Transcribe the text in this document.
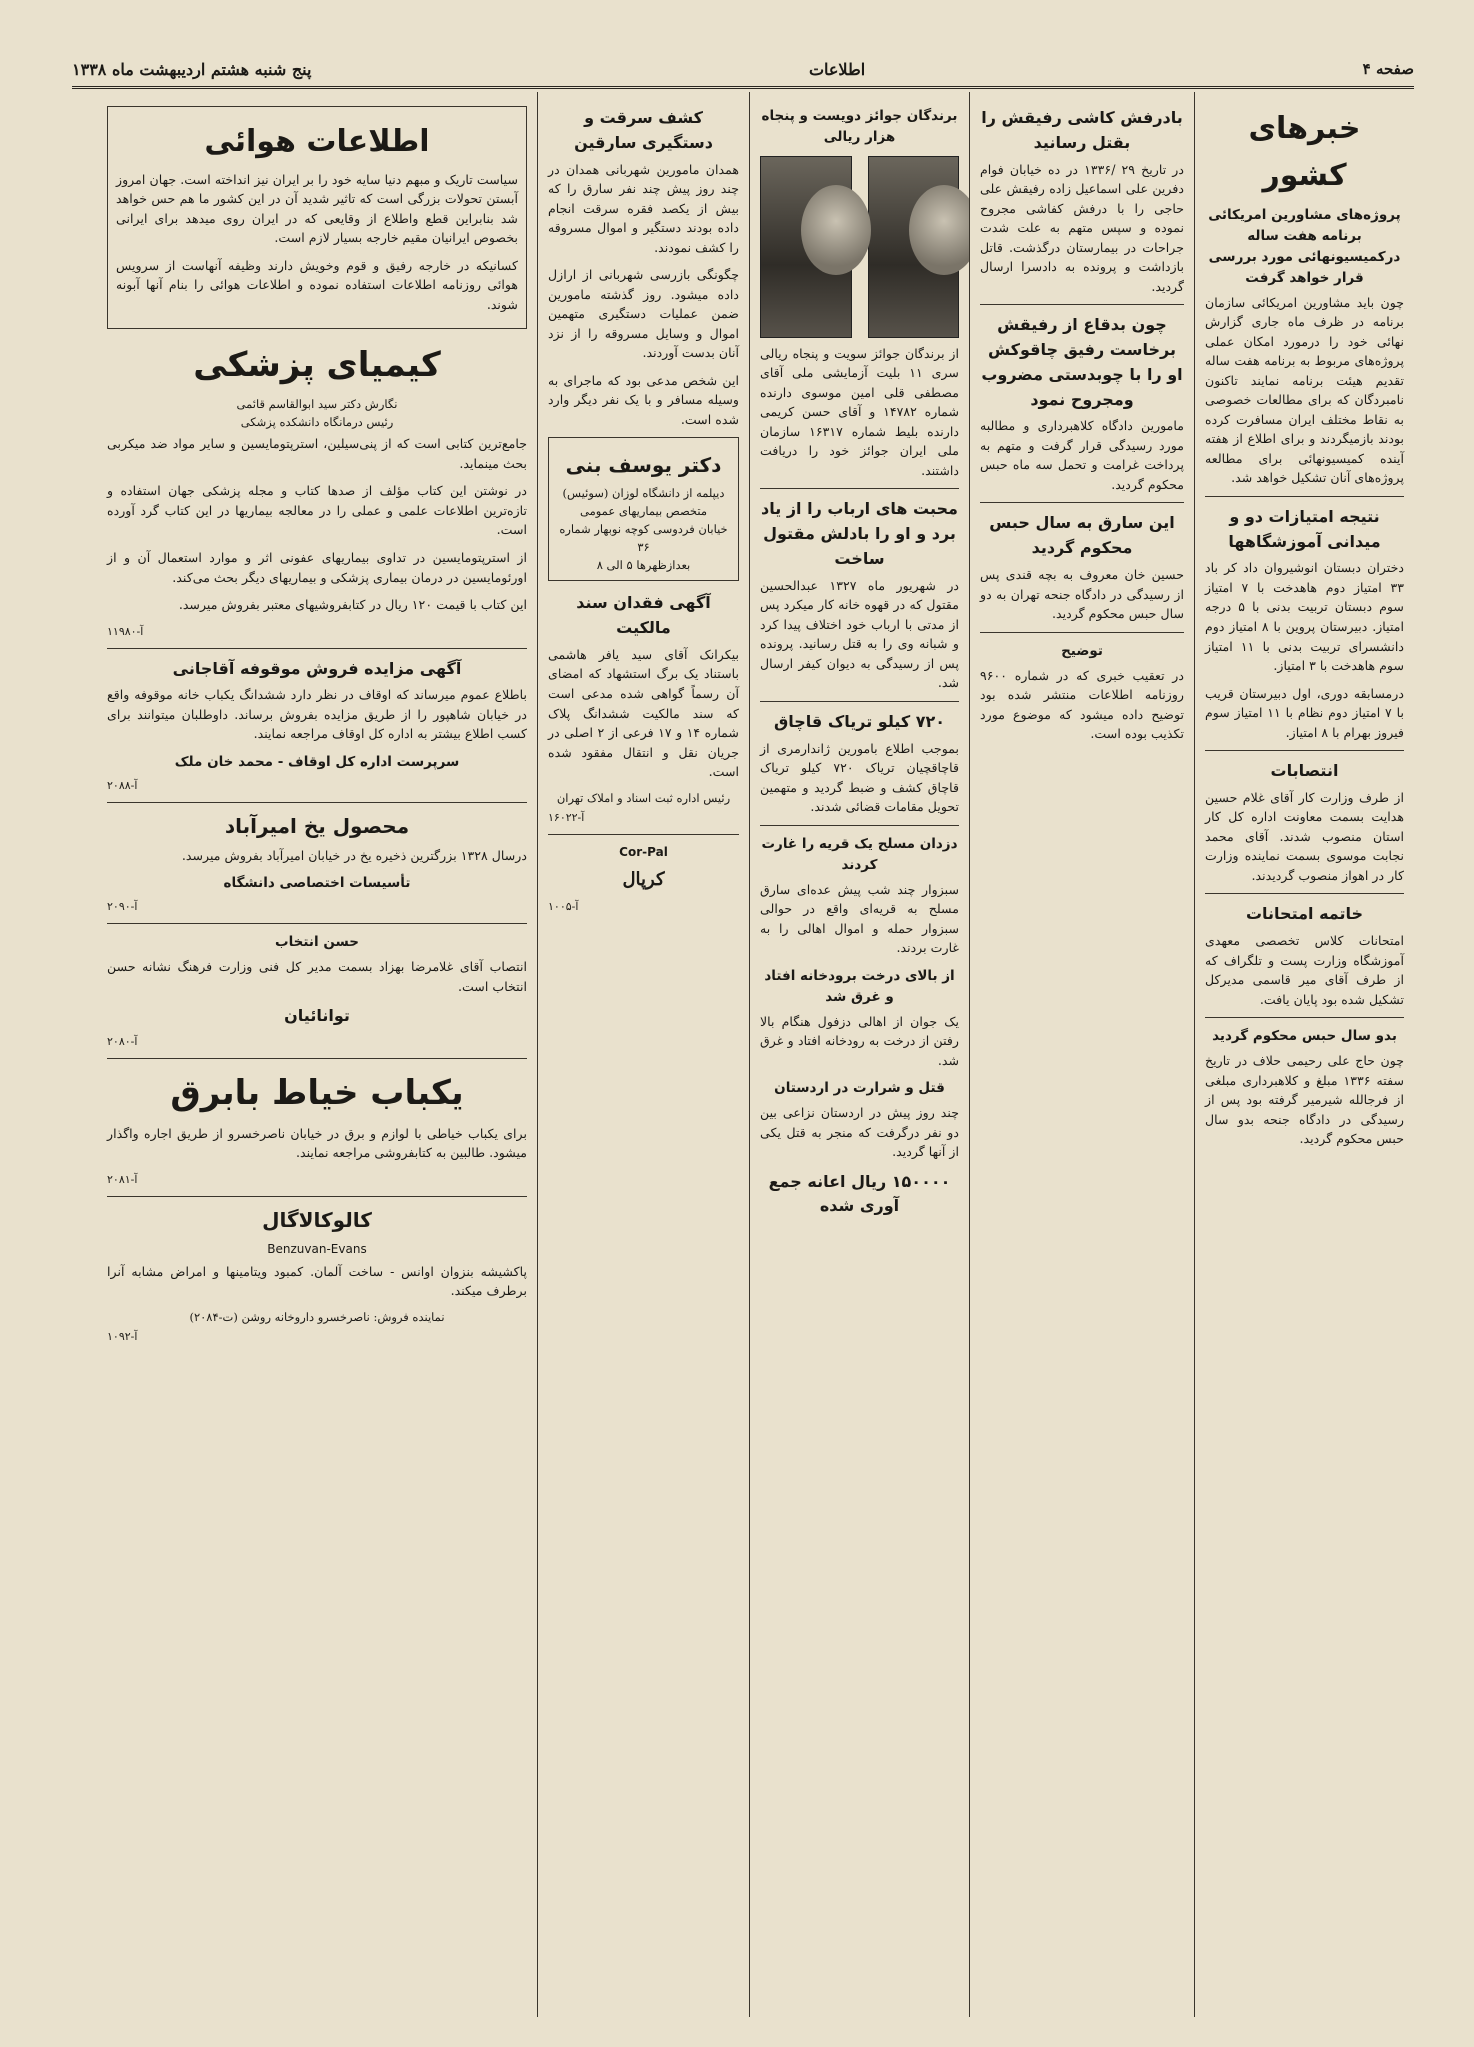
صفحه ۴
اطلاعات
پنج شنبه هشتم اردیبهشت ماه ۱۳۳۸
خبرهای کشور
پروژه‌های مشاورین امریکائی برنامه هفت ساله درکمیسیونهائی مورد بررسی قرار خواهد گرفت

چون باید مشاورین امریکائی سازمان برنامه در ظرف ماه جاری گزارش نهائی خود را درمورد امکان عملی پروژه‌های مربوط به برنامه هفت ساله تقدیم هیئت برنامه نمایند تاکنون نامبردگان که برای مطالعات خصوصی به نقاط مختلف ایران مسافرت کرده بودند بازمیگردند و برای اطلاع از هفته آینده کمیسیونهائی برای مطالعه پروژه‌های آنان تشکیل خواهد شد.

نتیجه امتیازات دو و میدانی آموزشگاهها

دختران دبستان انوشیروان داد کر باد ۳۳ امتیاز دوم هاهدخت با ۷ امتیاز سوم دبستان تربیت بدنی با ۵ درجه امتیاز. دبیرستان پروین با ۸ امتیاز دوم دانشسرای تربیت بدنی با ۱۱ امتیاز سوم هاهدخت با ۳ امتیاز.

درمسابقه دوری، اول دبیرستان قریب با ۷ امتیاز دوم نظام با ۱۱ امتیاز سوم فیروز بهرام با ۸ امتیاز.

انتصابات

از طرف وزارت کار آقای غلام حسین هدایت بسمت معاونت اداره کل کار استان منصوب شدند. آقای محمد نجابت موسوی بسمت نماینده وزارت کار در اهواز منصوب گردیدند.

خاتمه امتحانات

امتحانات کلاس تخصصی معهدی آموزشگاه وزارت پست و تلگراف که از طرف آقای میر قاسمی مدیرکل تشکیل شده بود پایان یافت.

بدو سال حبس محکوم گردید

چون حاج علی رحیمی حلاف در تاریخ سفته ۱۳۳۶ مبلغ و کلاهبرداری مبلغی از فرجالله شیرمیر گرفته بود پس از رسیدگی در دادگاه جنحه بدو سال حبس محکوم گردید.

بادرفش کاشی رفیقش را بقتل رسانید

در تاریخ ۲۹ /۱۳۳۶ در ده خیابان فوام دفرین علی اسماعیل زاده رفیقش علی حاجی را با درفش کفاشی مجروح نموده و سپس متهم به علت شدت جراحات در بیمارستان درگذشت. قاتل بازداشت و پرونده به دادسرا ارسال گردید.

چون بدقاع از رفیقش برخاست رفیق چاقوکش او را با چوبدستی مضروب ومجروح نمود

مامورین دادگاه کلاهبرداری و مطالبه مورد رسیدگی قرار گرفت و متهم به پرداخت غرامت و تحمل سه ماه حبس محکوم گردید.

این سارق به سال حبس محکوم گردید

حسین خان معروف به بچه قندی پس از رسیدگی در دادگاه جنحه تهران به دو سال حبس محکوم گردید.

توضیح

در تعقیب خبری که در شماره ۹۶۰۰ روزنامه اطلاعات منتشر شده بود توضیح داده میشود که موضوع مورد تکذیب بوده است.

برندگان جوائز دویست و پنجاه هزار ریالی

از برندگان جوائز سویت و پنجاه ریالی سری ۱۱ بلیت آزمایشی ملی آقای مصطفی قلی امین موسوی دارنده شماره ۱۴۷۸۲ و آقای حسن کریمی دارنده بلیط شماره ۱۶۳۱۷ سازمان ملی ایران جوائز خود را دریافت داشتند.

محبت های ارباب را از یاد برد و او را بادلش مقتول ساخت

در شهریور ماه ۱۳۲۷ عبدالحسین مقتول که در قهوه خانه کار میکرد پس از مدتی با ارباب خود اختلاف پیدا کرد و شبانه وی را به قتل رسانید. پرونده پس از رسیدگی به دیوان کیفر ارسال شد.

۷۲۰ کیلو تریاک قاچاق

بموجب اطلاع بامورین ژاندارمری از قاچاقچیان تریاک ۷۲۰ کیلو تریاک قاچاق کشف و ضبط گردید و متهمین تحویل مقامات قضائی شدند.

دزدان مسلح یک قریه را غارت کردند

سبزوار چند شب پیش عده‌ای سارق مسلح به قریه‌ای واقع در حوالی سبزوار حمله و اموال اهالی را به غارت بردند.

از بالای درخت برودخانه افتاد و غرق شد

یک جوان از اهالی دزفول هنگام بالا رفتن از درخت به رودخانه افتاد و غرق شد.

قتل و شرارت در اردستان

چند روز پیش در اردستان نزاعی بین دو نفر درگرفت که منجر به قتل یکی از آنها گردید.

۱۵۰۰۰۰ ریال اعانه جمع آوری شده
کشف سرقت و دستگیری سارقین

همدان مامورین شهربانی همدان در چند روز پیش چند نفر سارق را که بیش از یکصد فقره سرقت انجام داده بودند دستگیر و اموال مسروقه را کشف نمودند.

چگونگی بازرسی شهربانی از ارازل داده میشود. روز گذشته مامورین ضمن عملیات دستگیری متهمین اموال و وسایل مسروقه را از نزد آنان بدست آوردند.

این شخص مدعی بود که ماجرای به وسیله مسافر و با یک نفر دیگر وارد شده است.

دکتر یوسف بنی
دیپلمه از دانشگاه لوزان (سوئیس) متخصص بیماریهای عمومی
خیابان فردوسی کوچه نوبهار شماره ۳۶
بعدازظهرها ۵ الی ۸
آگهی فقدان سند مالکیت

بیکرانک آقای سید یافر هاشمی باستناد یک برگ استشهاد که امضای آن رسماً گواهی شده مدعی است که سند مالکیت ششدانگ پلاک شماره ۱۴ و ۱۷ فرعی از ۲ اصلی در جریان نقل و انتقال مفقود شده است.

رئیس اداره ثبت اسناد و املاک تهران
آ-۱۶۰۲۲
Cor-Pal
کرپال
آ-۱۰۰۵
اطلاعات هوائی

سیاست تاریک و مبهم دنیا سایه خود را بر ایران نیز انداخته است. جهان امروز آبستن تحولات بزرگی است که تاثیر شدید آن در این کشور ما هم حس خواهد شد بنابراین قطع واطلاع از وقایعی که در ایران روی میدهد برای ایرانی بخصوص ایرانیان مقیم خارجه بسیار لازم است.

کسانیکه در خارجه رفیق و قوم وخویش دارند وظیفه آنهاست از سرویس هوائی روزنامه اطلاعات استفاده نموده و اطلاعات هوائی را بنام آنها آبونه شوند.

کیمیای پزشکی
نگارش دکتر سید ابوالقاسم قائمی
رئیس درمانگاه دانشکده پزشکی

جامع‌ترین کتابی است که از پنی‌سیلین، استرپتومایسین و سایر مواد ضد میکربی بحث مینماید.

در نوشتن این کتاب مؤلف از صدها کتاب و مجله پزشکی جهان استفاده و تازه‌ترین اطلاعات علمی و عملی را در معالجه بیماریها در این کتاب گرد آورده است.

از استرپتومایسین در تداوی بیماریهای عفونی اثر و موارد استعمال آن و از اورئومایسین در درمان بیماری پزشکی و بیماریهای دیگر بحث می‌کند.

این کتاب با قیمت ۱۲۰ ریال در کتابفروشیهای معتبر بفروش میرسد.

آ-۱۱۹۸۰
آگهی مزایده فروش موقوفه آقاجانی

باطلاع عموم میرساند که اوقاف در نظر دارد ششدانگ یکباب خانه موقوفه واقع در خیابان شاهپور را از طریق مزایده بفروش برساند. داوطلبان میتوانند برای کسب اطلاع بیشتر به اداره کل اوقاف مراجعه نمایند.

سرپرست اداره کل اوقاف - محمد خان ملک
آ-۲۰۸۸
محصول یخ امیرآباد

درسال ۱۳۲۸ بزرگترین ذخیره یخ در خیابان امیرآباد بفروش میرسد.

تأسیسات اختصاصی دانشگاه
آ-۲۰۹۰
حسن انتخاب

انتصاب آقای غلامرضا بهزاد بسمت مدیر کل فنی وزارت فرهنگ نشانه حسن انتخاب است.

توانائیان
آ-۲۰۸۰
یکباب خیاط بابرق

برای یکباب خیاطی با لوازم و برق در خیابان ناصرخسرو از طریق اجاره واگذار میشود. طالبین به کتابفروشی مراجعه نمایند.

آ-۲۰۸۱
کالوکالاگال
Benzuvan-Evans

پاکشیشه بنزوان اوانس - ساخت آلمان. کمبود ویتامینها و امراض مشابه آنرا برطرف میکند.

نماینده فروش: ناصرخسرو داروخانه روشن (ت-۲۰۸۴)
آ-۱۰۹۲
